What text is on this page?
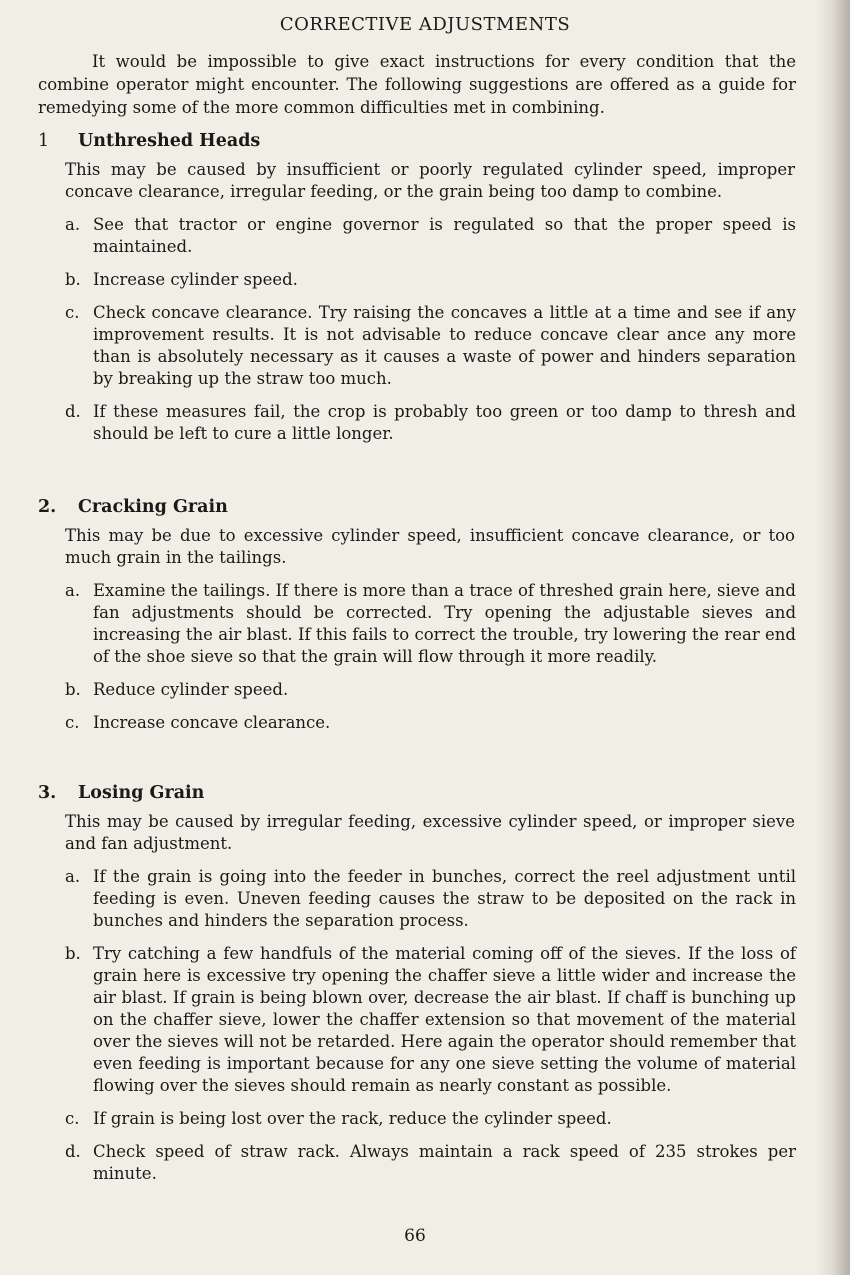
CORRECTIVE ADJUSTMENTS
It would be impossible to give exact instructions for every condition that the combine operator might encounter. The following suggestions are offered as a guide for remedying some of the more common difficulties met in combining.
1 Unthreshed Heads
This may be caused by insufficient or poorly regulated cylinder speed, improper concave clearance, irregular feeding, or the grain being too damp to combine.
a. See that tractor or engine governor is regulated so that the proper speed is maintained.
b. Increase cylinder speed.
c. Check concave clearance. Try raising the concaves a little at a time and see if any improvement results. It is not advisable to reduce concave clear ance any more than is absolutely necessary as it causes a waste of power and hinders separation by breaking up the straw too much.
d. If these measures fail, the crop is probably too green or too damp to thresh and should be left to cure a little longer.
2. Cracking Grain
This may be due to excessive cylinder speed, insufficient concave clearance, or too much grain in the tailings.
a. Examine the tailings. If there is more than a trace of threshed grain here, sieve and fan adjustments should be corrected. Try opening the adjustable sieves and increasing the air blast. If this fails to correct the trouble, try lowering the rear end of the shoe sieve so that the grain will flow through it more readily.
b. Reduce cylinder speed.
c. Increase concave clearance.
3. Losing Grain
This may be caused by irregular feeding, excessive cylinder speed, or improper sieve and fan adjustment.
a. If the grain is going into the feeder in bunches, correct the reel adjustment until feeding is even. Uneven feeding causes the straw to be deposited on the rack in bunches and hinders the separation process.
b. Try catching a few handfuls of the material coming off of the sieves. If the loss of grain here is excessive try opening the chaffer sieve a little wider and increase the air blast. If grain is being blown over, decrease the air blast. If chaff is bunching up on the chaffer sieve, lower the chaffer extension so that movement of the material over the sieves will not be retarded. Here again the operator should remember that even feeding is important because for any one sieve setting the volume of material flowing over the sieves should remain as nearly constant as possible.
c. If grain is being lost over the rack, reduce the cylinder speed.
d. Check speed of straw rack. Always maintain a rack speed of 235 strokes per minute.
66
